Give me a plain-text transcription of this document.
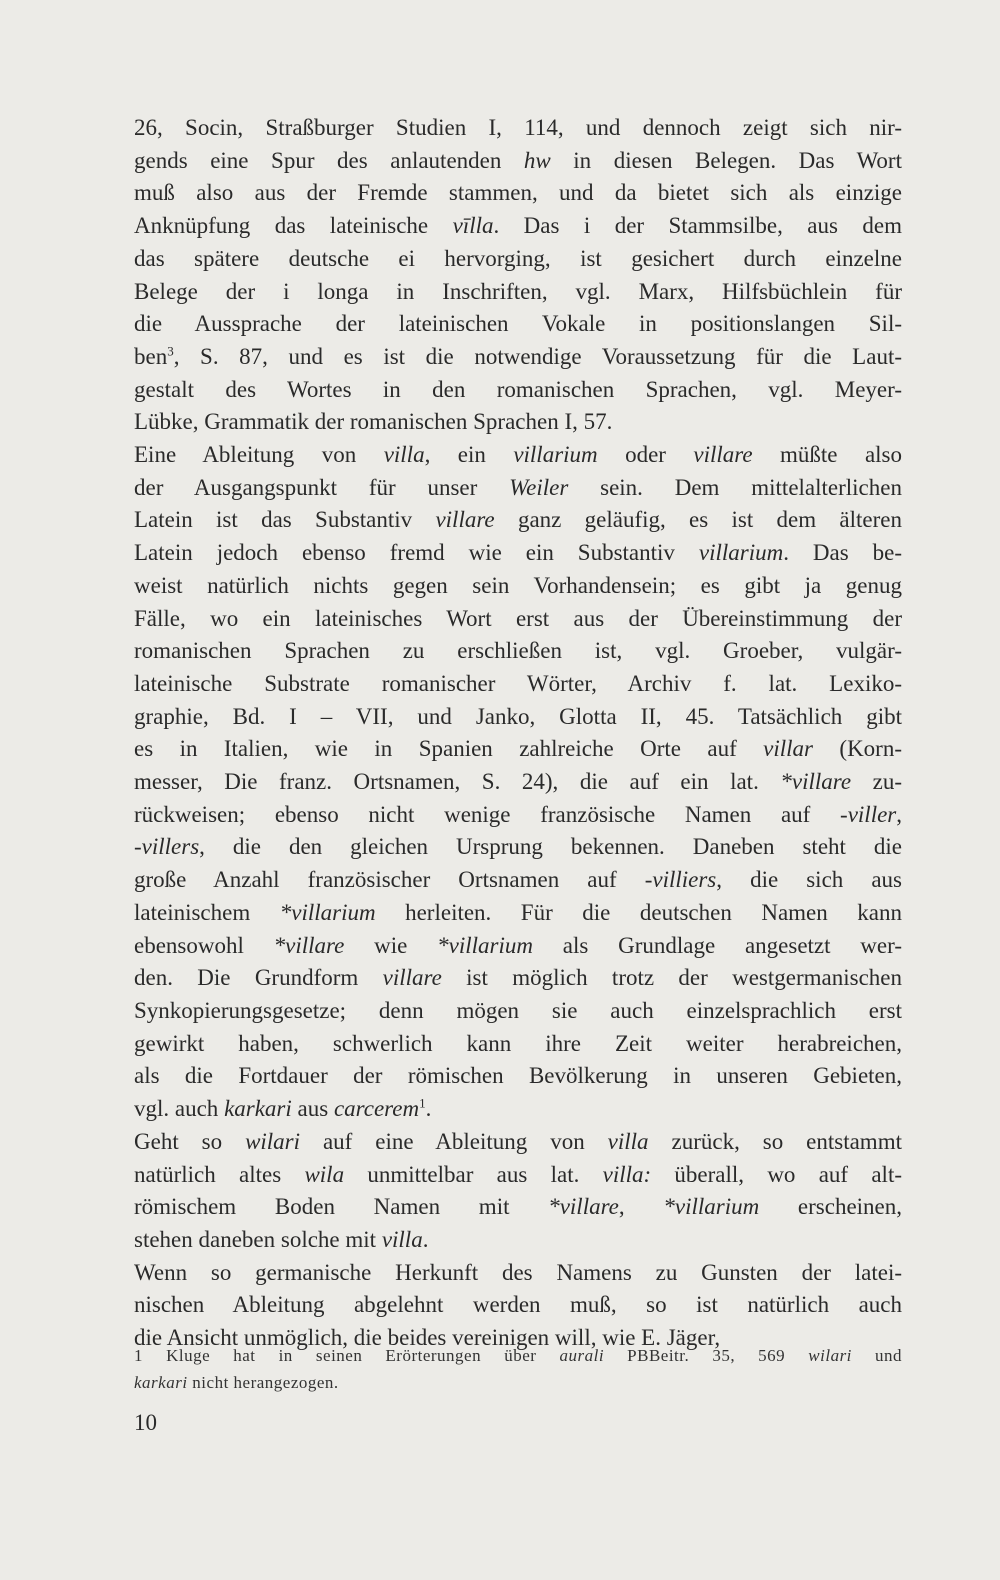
26, Socin, Straßburger Studien I, 114, und dennoch zeigt sich nir-
gends eine Spur des anlautenden hw in diesen Belegen. Das Wort
muß also aus der Fremde stammen, und da bietet sich als einzige
Anknüpfung das lateinische vīlla. Das i der Stammsilbe, aus dem
das spätere deutsche ei hervorging, ist gesichert durch einzelne
Belege der i longa in Inschriften, vgl. Marx, Hilfsbüchlein für
die Aussprache der lateinischen Vokale in positionslangen Sil-
ben$^3$, S. 87, und es ist die notwendige Voraussetzung für die Laut-
gestalt des Wortes in den romanischen Sprachen, vgl. Meyer-
Lübke, Grammatik der romanischen Sprachen I, 57.
Eine Ableitung von villa, ein villarium oder villare müßte also
der Ausgangspunkt für unser Weiler sein. Dem mittelalterlichen
Latein ist das Substantiv villare ganz geläufig, es ist dem älteren
Latein jedoch ebenso fremd wie ein Substantiv villarium. Das be-
weist natürlich nichts gegen sein Vorhandensein; es gibt ja genug
Fälle, wo ein lateinisches Wort erst aus der Übereinstimmung der
romanischen Sprachen zu erschließen ist, vgl. Groeber, vulgär-
lateinische Substrate romanischer Wörter, Archiv f. lat. Lexiko-
graphie, Bd. I – VII, und Janko, Glotta II, 45. Tatsächlich gibt
es in Italien, wie in Spanien zahlreiche Orte auf villar (Korn-
messer, Die franz. Ortsnamen, S. 24), die auf ein lat. *villare zu-
rückweisen; ebenso nicht wenige französische Namen auf -viller,
-villers, die den gleichen Ursprung bekennen. Daneben steht die
große Anzahl französischer Ortsnamen auf -villiers, die sich aus
lateinischem *villarium herleiten. Für die deutschen Namen kann
ebensowohl *villare wie *villarium als Grundlage angesetzt wer-
den. Die Grundform villare ist möglich trotz der westgermanischen
Synkopierungsgesetze; denn mögen sie auch einzelsprachlich erst
gewirkt haben, schwerlich kann ihre Zeit weiter herabreichen,
als die Fortdauer der römischen Bevölkerung in unseren Gebieten,
vgl. auch karkari aus carcerem$^1$.
Geht so wilari auf eine Ableitung von villa zurück, so entstammt
natürlich altes wila unmittelbar aus lat. villa: überall, wo auf alt-
römischem Boden Namen mit *villare, *villarium erscheinen,
stehen daneben solche mit villa.
Wenn so germanische Herkunft des Namens zu Gunsten der latei-
nischen Ableitung abgelehnt werden muß, so ist natürlich auch
die Ansicht unmöglich, die beides vereinigen will, wie E. Jäger,
1 Kluge hat in seinen Erörterungen über aurali PBBeitr. 35, 569 wilari und
karkari nicht herangezogen.
10
